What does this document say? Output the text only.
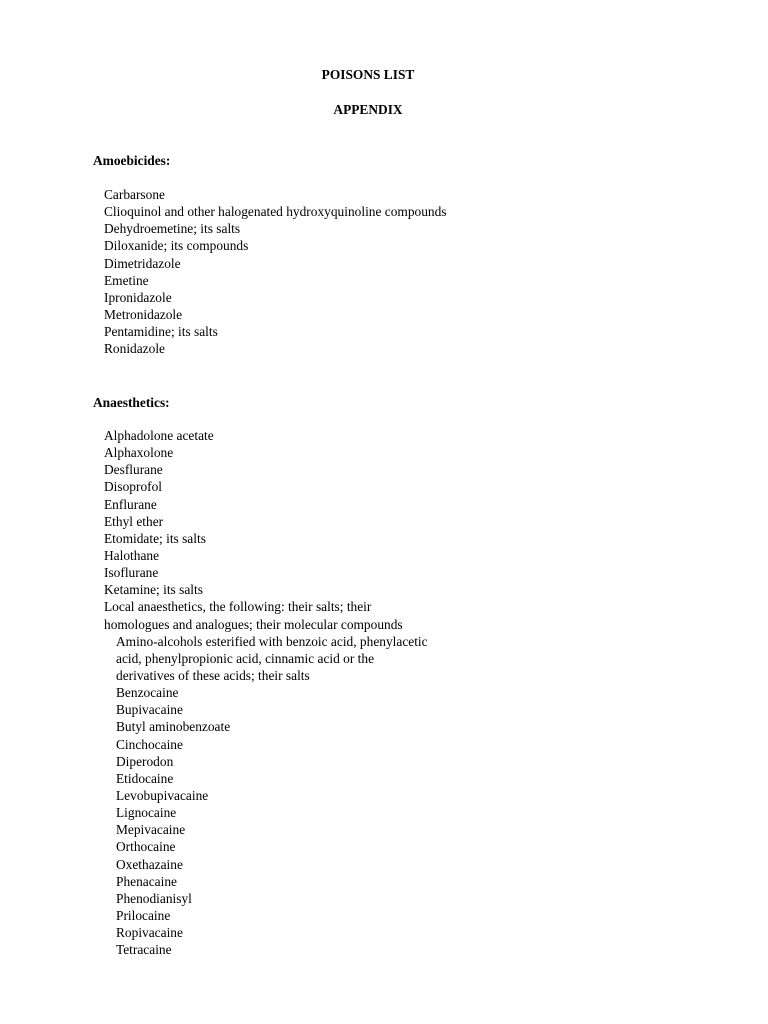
POISONS LIST
APPENDIX
Amoebicides:
Carbarsone
Clioquinol and other halogenated hydroxyquinoline compounds
Dehydroemetine; its salts
Diloxanide; its compounds
Dimetridazole
Emetine
Ipronidazole
Metronidazole
Pentamidine; its salts
Ronidazole
Anaesthetics:
Alphadolone acetate
Alphaxolone
Desflurane
Disoprofol
Enflurane
Ethyl ether
Etomidate; its salts
Halothane
Isoflurane
Ketamine; its salts
Local anaesthetics, the following: their salts; their
homologues and analogues; their molecular compounds
Amino-alcohols esterified with benzoic acid, phenylacetic
acid, phenylpropionic acid, cinnamic acid or the
derivatives of these acids; their salts
Benzocaine
Bupivacaine
Butyl aminobenzoate
Cinchocaine
Diperodon
Etidocaine
Levobupivacaine
Lignocaine
Mepivacaine
Orthocaine
Oxethazaine
Phenacaine
Phenodianisyl
Prilocaine
Ropivacaine
Tetracaine
